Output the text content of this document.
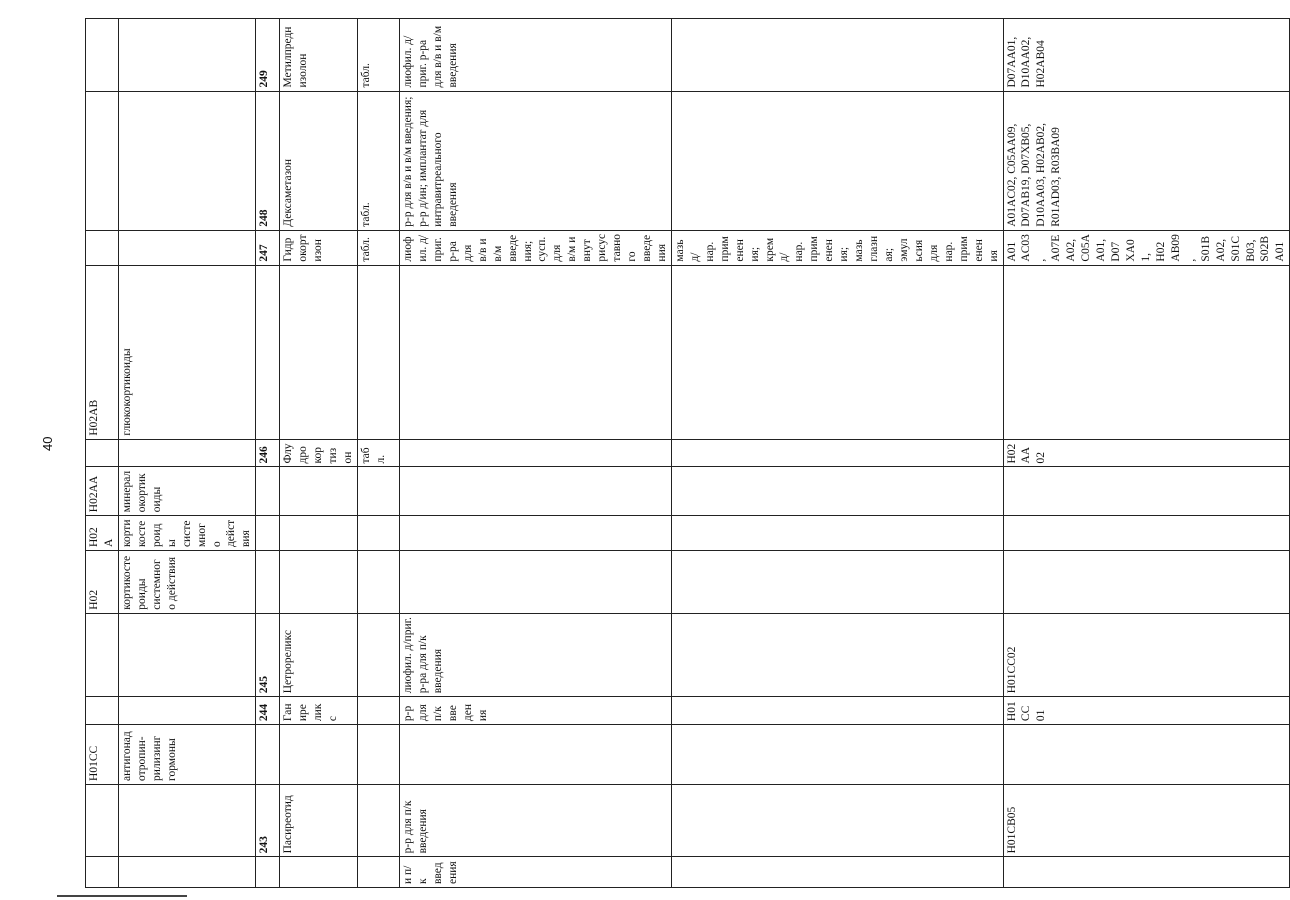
40
		H01CC			H02	H02A	H02AA		H02AB			
		антигонадотропин-рилизинг гормоны			кортикостероиды системного действия	кортикостероиды системного действия	минералокортикоиды		глюкокортикоиды			
	243		244	245				246		247	248	249
	Пасиреотид		Ганиреликс	Цетрореликс				Флудрокортизон		Гидрокортизон	Дексаметазон	Метилпреднизолон
								табл.		табл.	табл.	табл.
и п/к введения	р-р для п/к введения		р-р для п/к введения	лиофил. д/приг. р-ра для п/к введения						лиофил. д/приг. р-ра для в/в и в/м введения; сусп. для в/м и внутрисуставного введения	р-р для в/в и в/м введения; р-р д/ин; имплантат для интравитреального введения	лиофил. д/приг. р-ра для в/в и в/м введения
										мазь д/нар. применения; крем д/нар. применения; мазь глазная; эмульсия для нар. применения		
	H01CB05		H01CC01	H01CC02				H02AA02		A01AC03, A07EA02, C05AA01, D07XA01, H02AB09, S01BA02, S01CB03, S02BA01	A01AC02, C05AA09, D07AB19, D07XB05, D10AA03, H02AB02, R01AD03, R03BA09	D07AA01, D10AA02, H02AB04
